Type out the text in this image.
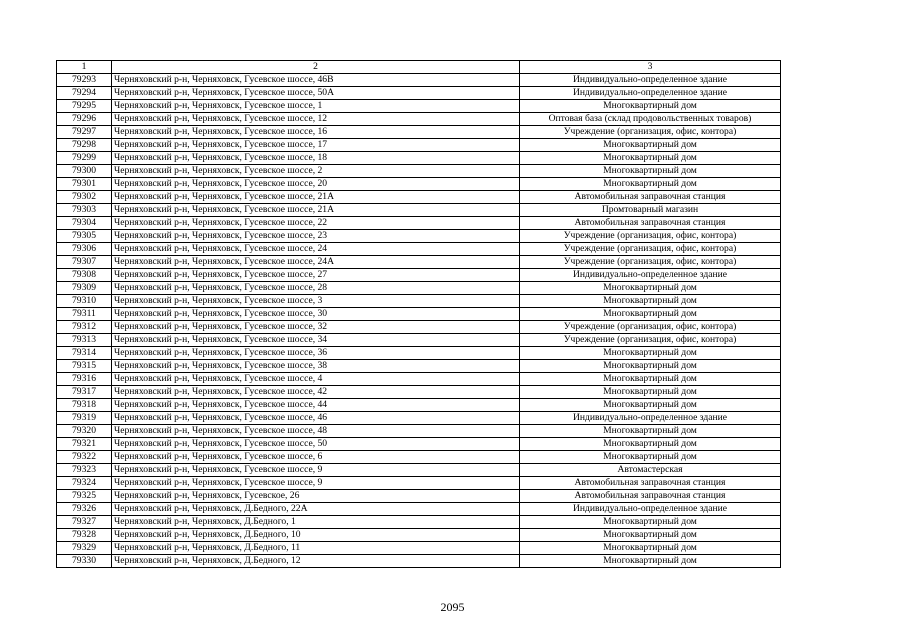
1	2	3
79293	Черняховский р-н, Черняховск, Гусевское шоссе, 46В	Индивидуально-определенное здание
79294	Черняховский р-н, Черняховск, Гусевское шоссе, 50А	Индивидуально-определенное здание
79295	Черняховский р-н, Черняховск, Гусевское шоссе, 1	Многоквартирный дом
79296	Черняховский р-н, Черняховск, Гусевское шоссе, 12	Оптовая база (склад продовольственных товаров)
79297	Черняховский р-н, Черняховск, Гусевское шоссе, 16	Учреждение (организация, офис, контора)
79298	Черняховский р-н, Черняховск, Гусевское шоссе, 17	Многоквартирный дом
79299	Черняховский р-н, Черняховск, Гусевское шоссе, 18	Многоквартирный дом
79300	Черняховский р-н, Черняховск, Гусевское шоссе, 2	Многоквартирный дом
79301	Черняховский р-н, Черняховск, Гусевское шоссе, 20	Многоквартирный дом
79302	Черняховский р-н, Черняховск, Гусевское шоссе, 21А	Автомобильная заправочная станция
79303	Черняховский р-н, Черняховск, Гусевское шоссе, 21А	Промтоварный магазин
79304	Черняховский р-н, Черняховск, Гусевское шоссе, 22	Автомобильная заправочная станция
79305	Черняховский р-н, Черняховск, Гусевское шоссе, 23	Учреждение (организация, офис, контора)
79306	Черняховский р-н, Черняховск, Гусевское шоссе, 24	Учреждение (организация, офис, контора)
79307	Черняховский р-н, Черняховск, Гусевское шоссе, 24А	Учреждение (организация, офис, контора)
79308	Черняховский р-н, Черняховск, Гусевское шоссе, 27	Индивидуально-определенное здание
79309	Черняховский р-н, Черняховск, Гусевское шоссе, 28	Многоквартирный дом
79310	Черняховский р-н, Черняховск, Гусевское шоссе, 3	Многоквартирный дом
79311	Черняховский р-н, Черняховск, Гусевское шоссе, 30	Многоквартирный дом
79312	Черняховский р-н, Черняховск, Гусевское шоссе, 32	Учреждение (организация, офис, контора)
79313	Черняховский р-н, Черняховск, Гусевское шоссе, 34	Учреждение (организация, офис, контора)
79314	Черняховский р-н, Черняховск, Гусевское шоссе, 36	Многоквартирный дом
79315	Черняховский р-н, Черняховск, Гусевское шоссе, 38	Многоквартирный дом
79316	Черняховский р-н, Черняховск, Гусевское шоссе, 4	Многоквартирный дом
79317	Черняховский р-н, Черняховск, Гусевское шоссе, 42	Многоквартирный дом
79318	Черняховский р-н, Черняховск, Гусевское шоссе, 44	Многоквартирный дом
79319	Черняховский р-н, Черняховск, Гусевское шоссе, 46	Индивидуально-определенное здание
79320	Черняховский р-н, Черняховск, Гусевское шоссе, 48	Многоквартирный дом
79321	Черняховский р-н, Черняховск, Гусевское шоссе, 50	Многоквартирный дом
79322	Черняховский р-н, Черняховск, Гусевское шоссе, 6	Многоквартирный дом
79323	Черняховский р-н, Черняховск, Гусевское шоссе, 9	Автомастерская
79324	Черняховский р-н, Черняховск, Гусевское шоссе, 9	Автомобильная заправочная станция
79325	Черняховский р-н, Черняховск, Гусевское, 26	Автомобильная заправочная станция
79326	Черняховский р-н, Черняховск, Д.Бедного, 22А	Индивидуально-определенное здание
79327	Черняховский р-н, Черняховск, Д.Бедного, 1	Многоквартирный дом
79328	Черняховский р-н, Черняховск, Д.Бедного, 10	Многоквартирный дом
79329	Черняховский р-н, Черняховск, Д.Бедного, 11	Многоквартирный дом
79330	Черняховский р-н, Черняховск, Д.Бедного, 12	Многоквартирный дом
2095
